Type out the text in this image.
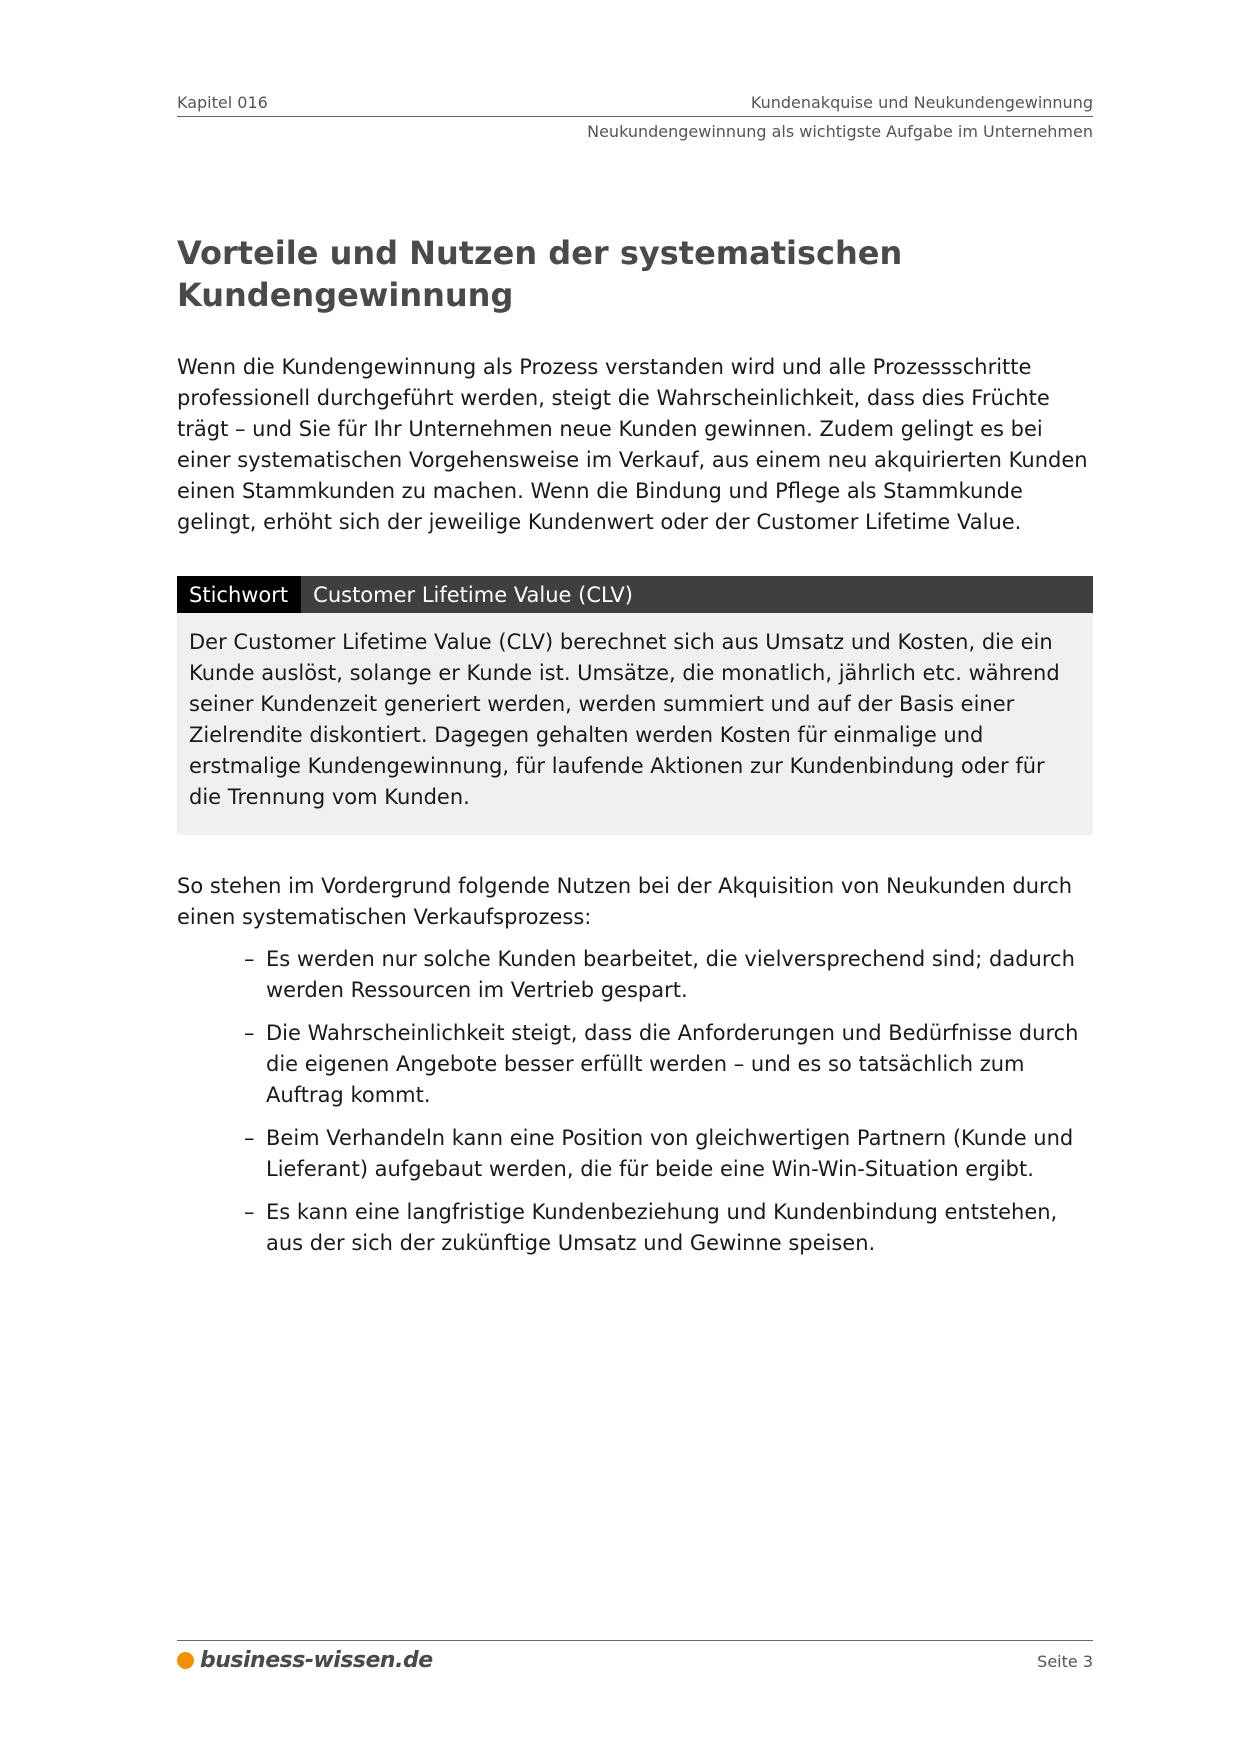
Kapitel 016	Kundenakquise und Neukundengewinnung
Neukundengewinnung als wichtigste Aufgabe im Unternehmen
Vorteile und Nutzen der systematischen Kundengewinnung

Wenn die Kundengewinnung als Prozess verstanden wird und alle Prozessschritte professionell durchgeführt werden, steigt die Wahrscheinlichkeit, dass dies Früchte trägt – und Sie für Ihr Unternehmen neue Kunden gewinnen. Zudem gelingt es bei einer systematischen Vorgehensweise im Verkauf, aus einem neu akquirierten Kunden einen Stammkunden zu machen. Wenn die Bindung und Pflege als Stammkunde gelingt, erhöht sich der jeweilige Kundenwert oder der Customer Lifetime Value.

Stichwort	Customer Lifetime Value (CLV)
Der Customer Lifetime Value (CLV) berechnet sich aus Umsatz und Kosten, die ein Kunde auslöst, solange er Kunde ist. Umsätze, die monatlich, jährlich etc. während seiner Kundenzeit generiert werden, werden summiert und auf der Basis einer Zielrendite diskontiert. Dagegen gehalten werden Kosten für einmalige und erstmalige Kundengewinnung, für laufende Aktionen zur Kundenbindung oder für die Trennung vom Kunden.

So stehen im Vordergrund folgende Nutzen bei der Akquisition von Neukunden durch einen systematischen Verkaufsprozess:

– Es werden nur solche Kunden bearbeitet, die vielversprechend sind; dadurch werden Ressourcen im Vertrieb gespart.
– Die Wahrscheinlichkeit steigt, dass die Anforderungen und Bedürfnisse durch die eigenen Angebote besser erfüllt werden – und es so tatsächlich zum Auftrag kommt.
– Beim Verhandeln kann eine Position von gleichwertigen Partnern (Kunde und Lieferant) aufgebaut werden, die für beide eine Win-Win-Situation ergibt.
– Es kann eine langfristige Kundenbeziehung und Kundenbindung entstehen, aus der sich der zukünftige Umsatz und Gewinne speisen.
business-wissen.de	Seite 3
